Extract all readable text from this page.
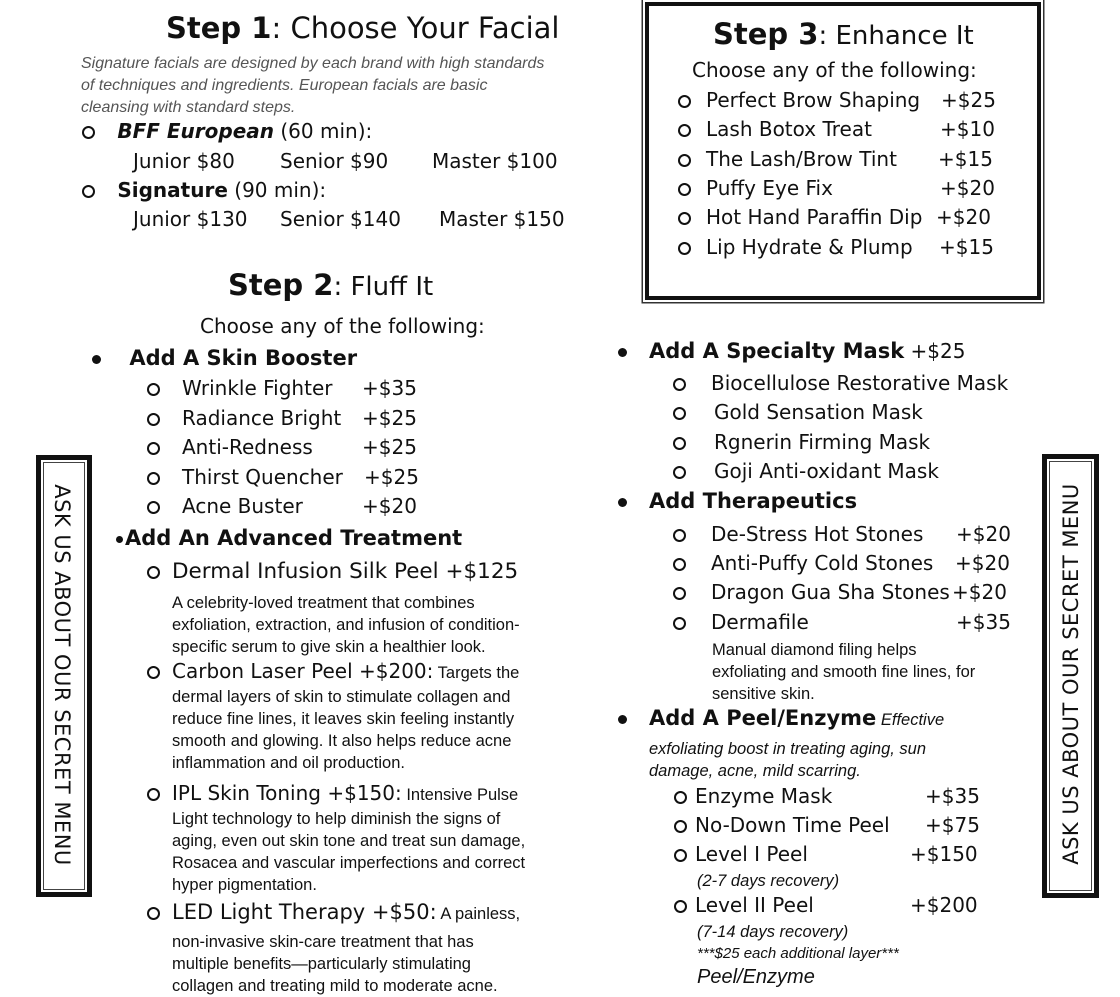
Step 1: Choose Your Facial
Signature facials are designed by each brand with high standards
of techniques and ingredients. European facials are basic
cleansing with standard steps.
BFF European (60 min):
Junior $80 Senior $90 Master $100
Signature (90 min):
Junior $130 Senior $140 Master $150
Step 2: Fluff It
Choose any of the following:
Add A Skin Booster
Wrinkle Fighter +$35
Radiance Bright +$25
Anti-Redness +$25
Thirst Quencher +$25
Acne Buster	+$20
Add An Advanced Treatment
Dermal Infusion Silk Peel +$125
A celebrity-loved treatment that combines
exfoliation, extraction, and infusion of condition-
specific serum to give skin a healthier look.
Carbon Laser Peel +$200: Targets the
dermal layers of skin to stimulate collagen and
reduce fine lines, it leaves skin feeling instantly
smooth and glowing. It also helps reduce acne
inflammation and oil production.
IPL Skin Toning +$150: Intensive Pulse
Light technology to help diminish the signs of
aging, even out skin tone and treat sun damage,
Rosacea and vascular imperfections and correct
hyper pigmentation.
LED Light Therapy +$50: A painless,
non-invasive skin-care treatment that has
multiple benefits—particularly stimulating
collagen and treating mild to moderate acne.
Step 3: Enhance It
Choose any of the following:
Perfect Brow Shaping +$25
Lash Botox Treat	+$10
The Lash/Brow Tint +$15
Puffy Eye Fix	+$20
Hot Hand Paraffin Dip +$20
Lip Hydrate & Plump +$15
Add A Specialty Mask +$25
Biocellulose Restorative Mask
Gold Sensation Mask
Rgnerin Firming Mask
Goji Anti-oxidant Mask
Add Therapeutics
De-Stress Hot Stones +$20
Anti-Puffy Cold Stones +$20
Dragon Gua Sha Stones +$20
Dermafile	+$35
Manual diamond filing helps
exfoliating and smooth fine lines, for
sensitive skin.
Add A Peel/Enzyme Effective
exfoliating boost in treating aging, sun
damage, acne, mild scarring.
Enzyme Mask	+$35
No-Down Time Peel +$75
Level I Peel	+$150
(2-7 days recovery)
Level II Peel	+$200
(7-14 days recovery)
***$25 each additional layer***
Peel/Enzyme
ASK US ABOUT OUR SECRET MENU	ASK US ABOUT OUR SECRET MENU
